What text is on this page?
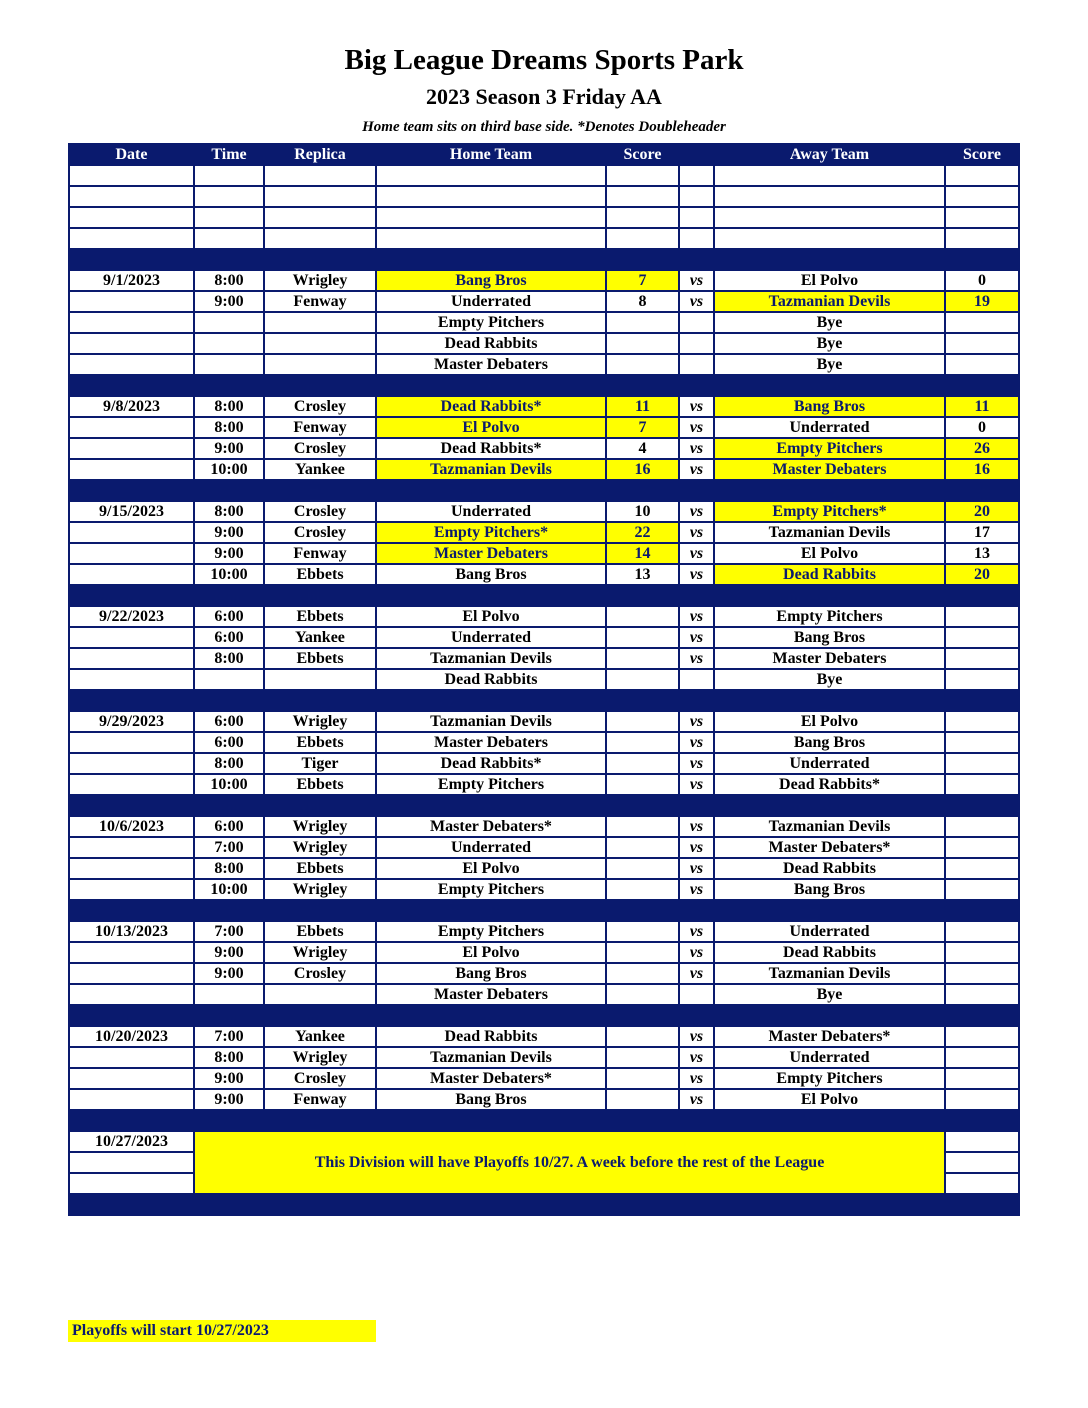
Big League Dreams Sports Park
2023 Season 3 Friday AA
Home team sits on third base side. *Denotes Doubleheader
Date	Time	Replica	Home Team	Score		Away Team	Score

9/1/2023	8:00	Wrigley	Bang Bros	7	vs	El Polvo	0
	9:00	Fenway	Underrated	8	vs	Tazmanian Devils	19
			Empty Pitchers			Bye	
			Dead Rabbits			Bye	
			Master Debaters			Bye	

9/8/2023	8:00	Crosley	Dead Rabbits*	11	vs	Bang Bros	11
	8:00	Fenway	El Polvo	7	vs	Underrated	0
	9:00	Crosley	Dead Rabbits*	4	vs	Empty Pitchers	26
	10:00	Yankee	Tazmanian Devils	16	vs	Master Debaters	16

9/15/2023	8:00	Crosley	Underrated	10	vs	Empty Pitchers*	20
	9:00	Crosley	Empty Pitchers*	22	vs	Tazmanian Devils	17
	9:00	Fenway	Master Debaters	14	vs	El Polvo	13
	10:00	Ebbets	Bang Bros	13	vs	Dead Rabbits	20

9/22/2023	6:00	Ebbets	El Polvo		vs	Empty Pitchers	
	6:00	Yankee	Underrated		vs	Bang Bros	
	8:00	Ebbets	Tazmanian Devils		vs	Master Debaters	
			Dead Rabbits			Bye	

9/29/2023	6:00	Wrigley	Tazmanian Devils		vs	El Polvo	
	6:00	Ebbets	Master Debaters		vs	Bang Bros	
	8:00	Tiger	Dead Rabbits*		vs	Underrated	
	10:00	Ebbets	Empty Pitchers		vs	Dead Rabbits*	

10/6/2023	6:00	Wrigley	Master Debaters*		vs	Tazmanian Devils	
	7:00	Wrigley	Underrated		vs	Master Debaters*	
	8:00	Ebbets	El Polvo		vs	Dead Rabbits	
	10:00	Wrigley	Empty Pitchers		vs	Bang Bros	

10/13/2023	7:00	Ebbets	Empty Pitchers		vs	Underrated	
	9:00	Wrigley	El Polvo		vs	Dead Rabbits	
	9:00	Crosley	Bang Bros		vs	Tazmanian Devils	
			Master Debaters			Bye	

10/20/2023	7:00	Yankee	Dead Rabbits		vs	Master Debaters*	
	8:00	Wrigley	Tazmanian Devils		vs	Underrated	
	9:00	Crosley	Master Debaters*		vs	Empty Pitchers	
	9:00	Fenway	Bang Bros		vs	El Polvo	

10/27/2023	This Division will have Playoffs 10/27. A week before the rest of the League						

Playoffs will start 10/27/2023
